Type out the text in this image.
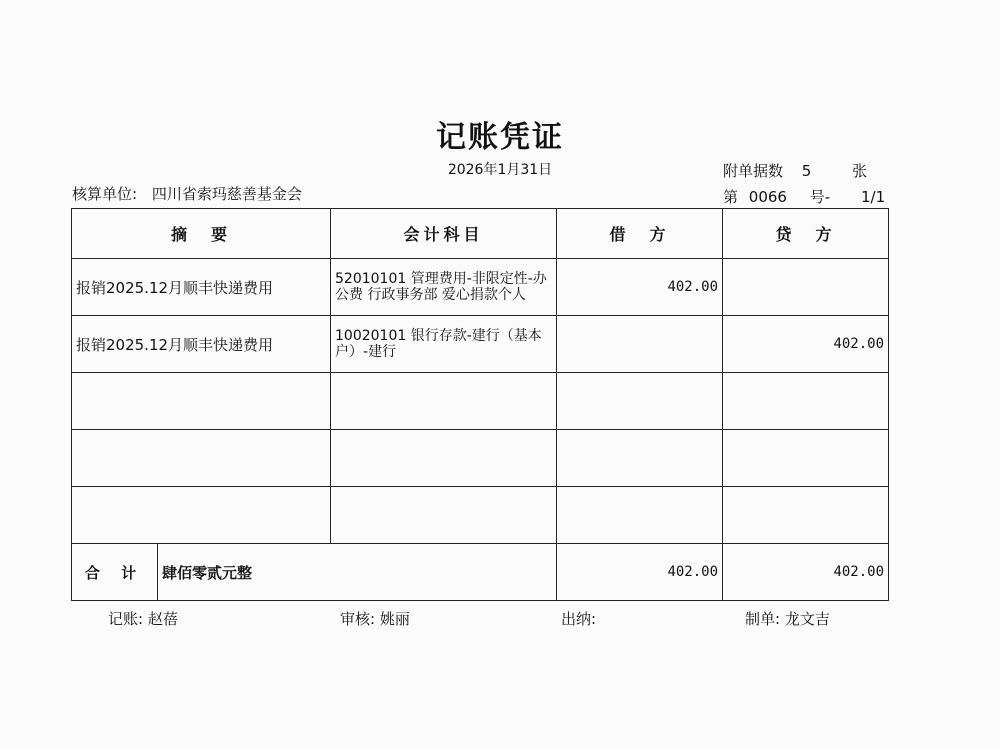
记账凭证
2026年1月31日
核算单位: 四川省索玛慈善基金会
附单据数 5	张
第 0066 号- 1/1
摘　要		会计科目	借　方	贷　方
报销2025.12月顺丰快递费用		52010101 管理费用-非限定性-办公费 行政事务部 爱心捐款个人	402.00	
报销2025.12月顺丰快递费用		10020101 银行存款-建行（基本户）-建行		402.00

合 计	肆佰零贰元整		402.00	402.00
记账: 赵蓓	审核: 姚丽	出纳:	制单: 龙文吉
